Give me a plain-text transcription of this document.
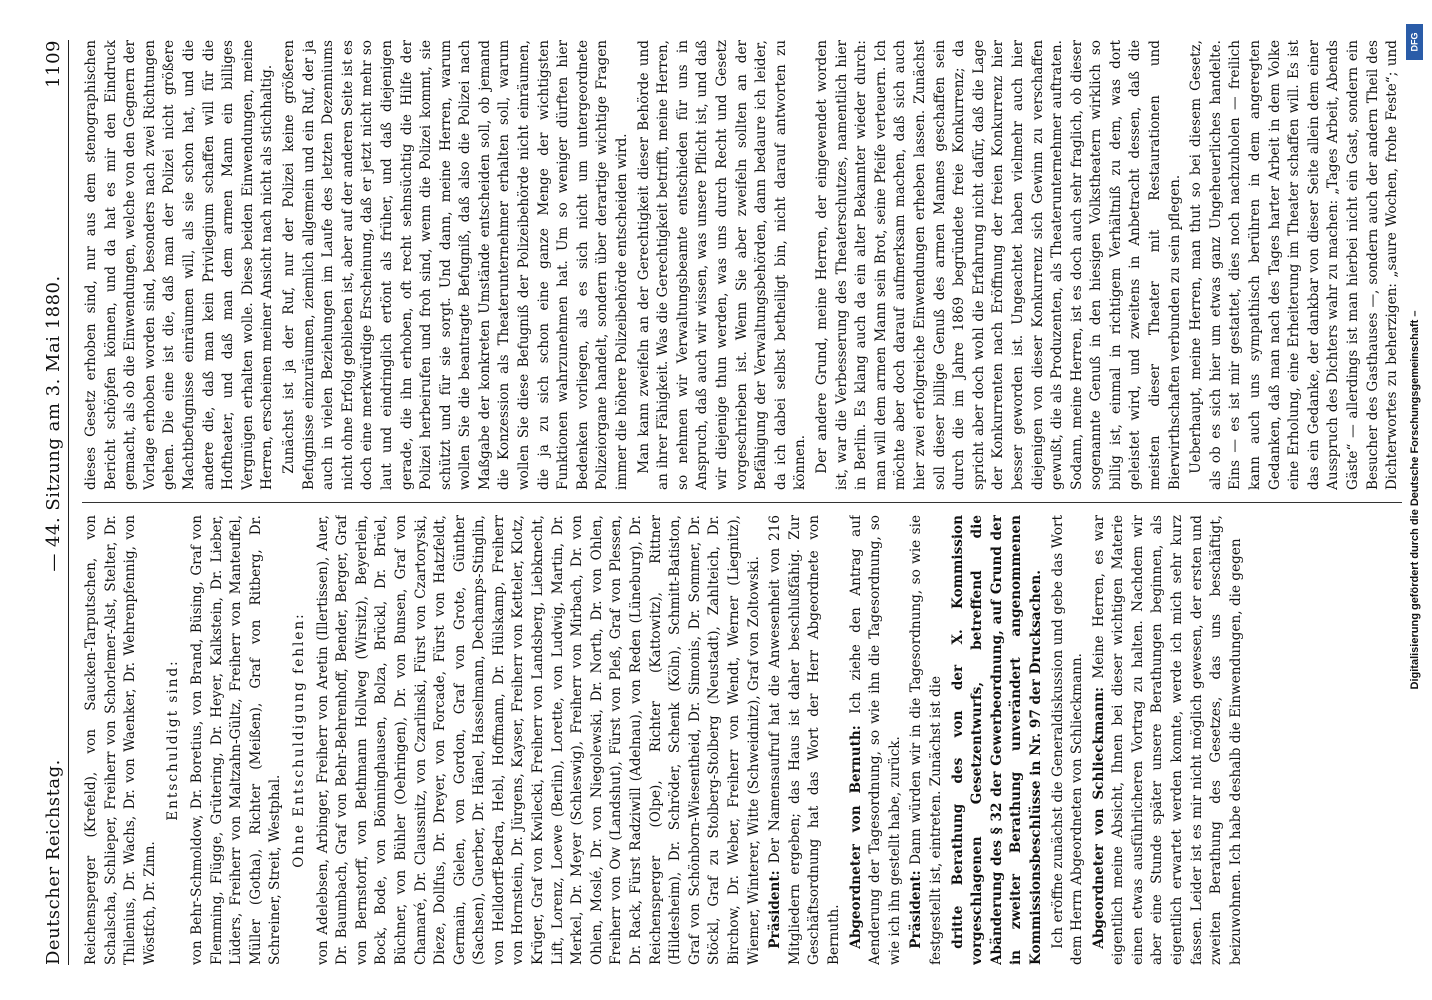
Deutscher Reichstag.
— 44. Sitzung am 3. Mai 1880.
1109

Reichensperger (Krefeld), von Saucken-Tarputschen, von Schalscha, Schlieper, Freiherr von Schorlemer-Alst, Stelter, Dr. Thilenius, Dr. Wachs, Dr. von Waenker, Dr. Wehrenpfennig, von Wöstfch, Dr. Zinn.

Entschuldigt sind: von Behr-Schmoldow, Dr. Boretius, von Brand, Büsing, Graf von Flemming, Flügge, Grütering, Dr. Heyer, Kalkstein, Dr. Lieber, Lüders, Freiherr von Maltzahn-Gültz, Freiherr von Manteuffel, Müller (Gotha), Richter (Meißen), Graf von Ritberg, Dr. Schreiner, Streit, Westphal.

Ohne Entschuldigung fehlen: von Adelebsen, Arbinger, Freiherr von Aretin (Illertissen), Auer, Dr. Baumbach, Graf von Behr-Behrenhoff, Bender, Berger, Graf von Bernstorff, von Bethmann Hollweg (Wirsitz), Beyerlein, Bock, Bode, von Bönninghausen, Bolza, Brückl, Dr. Brüel, Büchner, von Bühler (Oehringen), Dr. von Bunsen, Graf von Chamaré, Dr. Claussnitz, von Czarlinski, Fürst von Czartoryski, Dieze, Dollfus, Dr. Dreyer, von Forcade, Fürst von Hatzfeldt, Germain, Gielen, von Gordon, Graf von Grote, Günther (Sachsen), Guerber, Dr. Hänel, Hasselmann, Dechamps-Stinglin, von Helldorff-Bedra, Hebl, Hoffmann, Dr. Hülskamp, Freiherr von Hornstein, Dr. Jürgens, Kayser, Freiherr von Ketteler, Klotz, Krüger, Graf von Kwilecki, Freiherr von Landsberg, Liebknecht, Lift, Lorenz, Loewe (Berlin), Lorette, von Ludwig, Martin, Dr. Merkel, Dr. Meyer (Schleswig), Freiherr von Mirbach, Dr. von Ohlen, Moslé, Dr. von Niegolewski, Dr. North, Dr. von Ohlen, Freiherr von Ow (Landshut), Fürst von Pleß, Graf von Plessen, Dr. Rack, Fürst Radziwill (Adelnau), von Reden (Lüneburg), Dr. Reichensperger (Olpe), Richter (Kattowitz), Rittner (Hildesheim), Dr. Schröder, Schenk (Köln), Schmitt-Batiston, Graf von Schönborn-Wiesentheid, Dr. Simonis, Dr. Sommer, Dr. Stöckl, Graf zu Stolberg-Stolberg (Neustadt), Zahlteich, Dr. Birchow, Dr. Weber, Freiherr von Wendt, Werner (Liegnitz), Wiemer, Winterer, Witte (Schweidnitz), Graf von Zoltowski. Präsident: Der Namensaufruf hat die Anwesenheit von 216 Mitgliedern ergeben; das Haus ist daher beschlußfähig. Zur Geschäftsordnung hat das Wort der Herr Abgeordnete von Bernuth. Abgeordneter von Bernuth: Ich ziehe den Antrag auf Aenderung der Tagesordnung, so wie ihn die Tagesordnung, so wie ich ihn gestellt habe, zurück. Präsident: Dann würden wir in die Tagesordnung, so wie sie festgestellt ist, eintreten. Zunächst ist die dritte Berathung des von der X. Kommission vorgeschlagenen Gesetzentwurfs, betreffend die Abänderung des § 32 der Gewerbeordnung, auf Grund der in zweiter Berathung unverändert angenommenen Kommissionsbeschlüsse in Nr. 97 der Drucksachen. Ich eröffne zunächst die Generaldiskussion und gebe das Wort dem Herrn Abgeordneten von Schlieckmann. Abgeordneter von Schlieckmann: Meine Herren, es war eigentlich meine Absicht, Ihnen bei dieser wichtigen Materie einen etwas ausführlicheren Vortrag zu halten. Nachdem wir aber eine Stunde später unsere Berathungen beginnen, als eigentlich erwartet werden konnte, werde ich mich sehr kurz fassen. Leider ist es mir nicht möglich gewesen, der ersten und zweiten Berathung des Gesetzes, das uns beschäftigt, beizuwohnen. Ich habe deshalb die Einwendungen, die gegen

dieses Gesetz erhoben sind, nur aus dem stenographischen Bericht schöpfen können, und da hat es mir den Eindruck gemacht, als ob die Einwendungen, welche von den Gegnern der Vorlage erhoben worden sind, besonders nach zwei Richtungen gehen. Die eine ist die, daß man der Polizei nicht größere Machtbefugnisse einräumen will, als sie schon hat, und die andere die, daß man kein Privilegium schaffen will für die Hoftheater, und daß man dem armen Mann ein billiges Vergnügen erhalten wolle. Diese beiden Einwendungen, meine Herren, erscheinen meiner Ansicht nach nicht als stichhaltig. Zunächst ist ja der Ruf, nur der Polizei keine größeren Befugnisse einzuräumen, ziemlich allgemein und ein Ruf, der ja auch in vielen Beziehungen im Laufe des letzten Dezenniums nicht ohne Erfolg geblieben ist, aber auf der anderen Seite ist es doch eine merkwürdige Erscheinung, daß er jetzt nicht mehr so laut und eindringlich ertönt als früher, und daß diejenigen gerade, die ihn erhoben, oft recht sehnsüchtig die Hilfe der Polizei herbeirufen und froh sind, wenn die Polizei kommt, sie schützt und für sie sorgt. Und dann, meine Herren, warum wollen Sie die beantragte Befugniß, daß also die Polizei nach Maßgabe der konkreten Umstände entscheiden soll, ob jemand die Konzession als Theaterunternehmer erhalten soll, warum wollen Sie diese Befugniß der Polizeibehörde nicht einräumen, die ja zu sich schon eine ganze Menge der wichtigsten Funktionen wahrzunehmen hat. Um so weniger dürften hier Bedenken vorliegen, als es sich nicht um untergeordnete Polizeiorgane handelt, sondern über derartige wichtige Fragen immer die höhere Polizeibehörde entscheiden wird. Man kann zweifeln an der Gerechtigkeit dieser Behörde und an ihrer Fähigkeit. Was die Gerechtigkeit betrifft, meine Herren, so nehmen wir Verwaltungsbeamte entschieden für uns in Anspruch, daß auch wir wissen, was unsere Pflicht ist, und daß wir diejenige thun werden, was uns durch Recht und Gesetz vorgeschrieben ist. Wenn Sie aber zweifeln sollten an der Befähigung der Verwaltungsbehörden, dann bedaure ich leider, da ich dabei selbst betheiligt bin, nicht darauf antworten zu können. Der andere Grund, meine Herren, der eingewendet worden ist, war die Verbesserung des Theaterschutzes, namentlich hier in Berlin. Es klang auch da ein alter Bekannter wieder durch: man will dem armen Mann sein Brot, seine Pfeife verteuern. Ich möchte aber doch darauf aufmerksam machen, daß sich auch hier zwei erfolgreiche Einwendungen erheben lassen. Zunächst soll dieser billige Genuß des armen Mannes geschaffen sein durch die im Jahre 1869 begründete freie Konkurrenz; da spricht aber doch wohl die Erfahrung nicht dafür, daß die Lage der Konkurrenten nach Eröffnung der freien Konkurrenz hier besser geworden ist. Ungeachtet haben vielmehr auch hier diejenigen von dieser Konkurrenz sich Gewinn zu verschaffen gewußt, die als Produzenten, als Theaterunternehmer auftraten. Sodann, meine Herren, ist es doch auch sehr fraglich, ob dieser sogenannte Genuß in den hiesigen Volkstheatern wirklich so billig ist, einmal in richtigem Verhältniß zu dem, was dort geleistet wird, und zweitens in Anbetracht dessen, daß die meisten dieser Theater mit Restaurationen und Bierwirthschaften verbunden zu sein pflegen. Ueberhaupt, meine Herren, man thut so bei diesem Gesetz, als ob es sich hier um etwas ganz Ungeheuerliches handelte. Eins — es ist mir gestattet, dies noch nachzuholen — freilich kann auch uns sympathisch berühren in dem angeregten Gedanken, daß man nach des Tages harter Arbeit in dem Volke eine Erholung, eine Erheiterung im Theater schaffen will. Es ist das ein Gedanke, der dankbar von dieser Seite allein dem einer Ausspruch des Dichters wahr zu machen: „Tages Arbeit, Abends Gäste“ — allerdings ist man hierbei nicht ein Gast, sondern ein Besucher des Gasthauses —, sondern auch der andern Theil des Dichterwortes zu beherzigen: „saure Wochen, frohe Feste“; und

Digitalisierung gefördert durch die Deutsche Forschungsgemeinschaft –
DFG
